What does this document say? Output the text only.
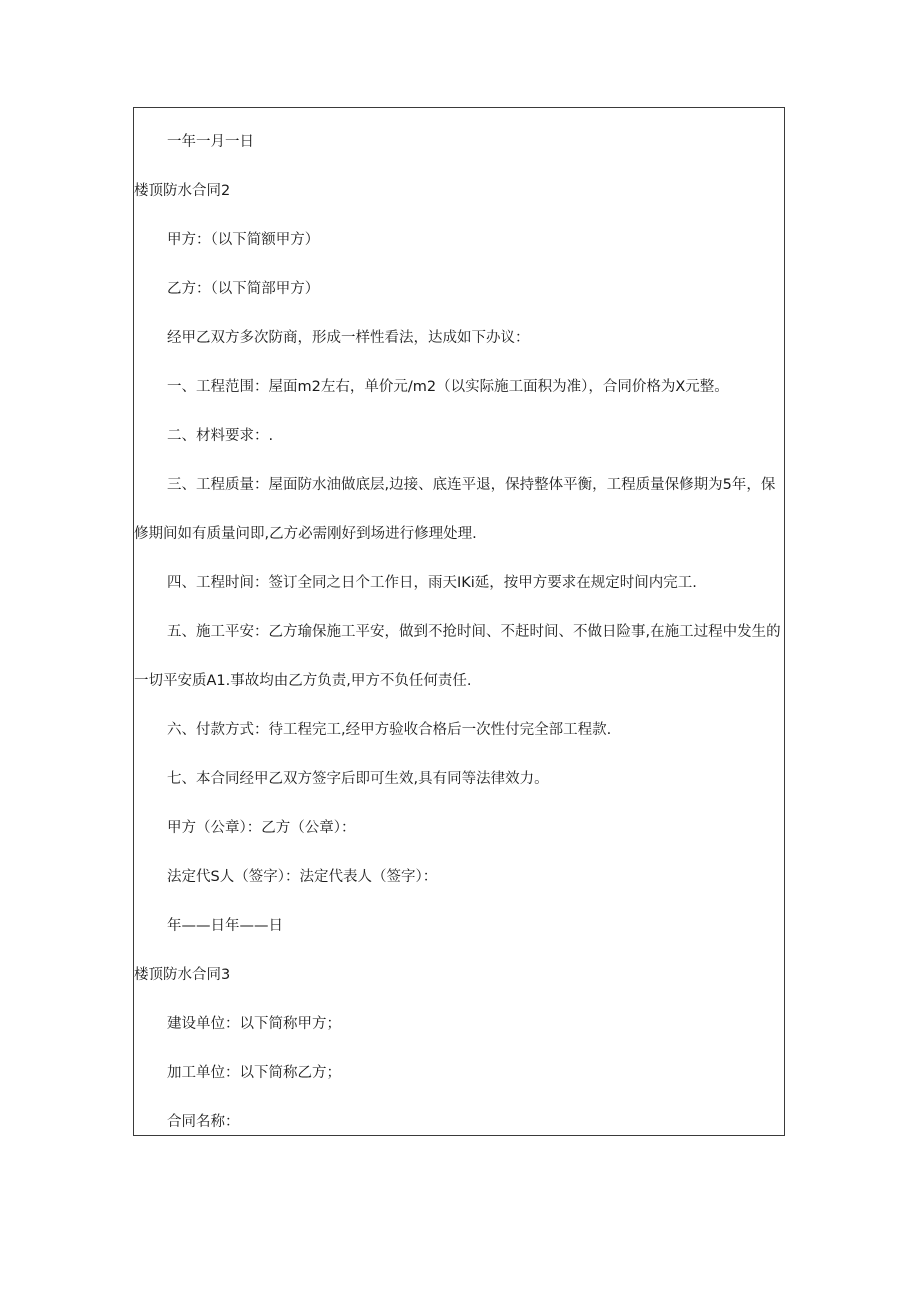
一年一月一日
楼顶防水合同2
甲方：（以下简额甲方）
乙方：（以下简部甲方）
经甲乙双方多次防商，形成一样性看法，达成如下办议：
一、工程范围：屋面m2左右，单价元/m2（以实际施工面积为准），合同价格为X元整。
二、材料要求：.
三、工程质量：屋面防水油做底层,边接、底连平退，保持整体平衡，工程质量保修期为5年，保
修期间如有质量问即,乙方必需刚好到场进行修理处理.
四、工程时间：签订全同之日个工作日，雨天IKi延，按甲方要求在规定时间内完工.
五、施工平安：乙方瑜保施工平安，做到不抢时间、不赶时间、不做日险事,在施工过程中发生的
一切平安质A1.事故均由乙方负责,甲方不负任何责任.
六、付款方式：待工程完工,经甲方验收合格后一次性付完全部工程款.
七、本合同经甲乙双方签字后即可生效,具有同等法律效力。
甲方（公章）：乙方（公章）：
法定代S人（签字）：法定代表人（签字）：
年——日年——日
楼顶防水合同3
建设单位：以下简称甲方；
加工单位：以下简称乙方；
合同名称：
